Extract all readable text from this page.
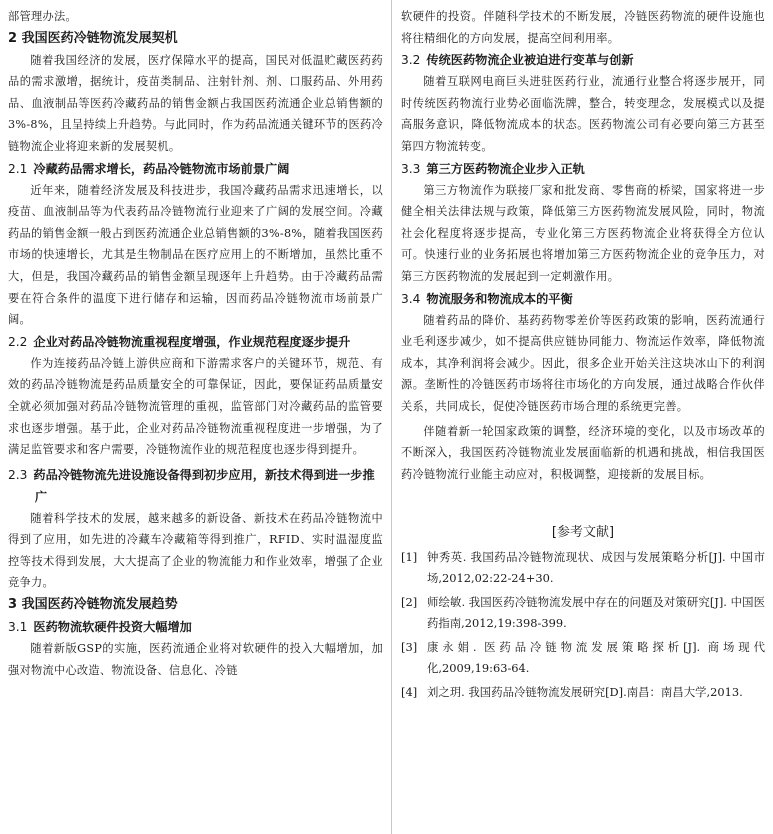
部管理办法。

2 我国医药冷链物流发展契机

随着我国经济的发展，医疗保障水平的提高，国民对低温贮藏医药药品的需求激增，据统计，疫苗类制品、注射针剂、剂、口服药品、外用药品、血液制品等医药冷藏药品的销售金额占我国医药流通企业总销售额的3%-8%，且呈持续上升趋势。与此同时，作为药品流通关键环节的医药冷链物流企业将迎来新的发展契机。

2.1 冷藏药品需求增长，药品冷链物流市场前景广阔

近年来，随着经济发展及科技进步，我国冷藏药品需求迅速增长，以疫苗、血液制品等为代表药品冷链物流行业迎来了广阔的发展空间。冷藏药品的销售金额一般占到医药流通企业总销售额的3%-8%，随着我国医药市场的快速增长，尤其是生物制品在医疗应用上的不断增加，虽然比重不大，但是，我国冷藏药品的销售金额呈现逐年上升趋势。由于冷藏药品需要在符合条件的温度下进行储存和运输，因而药品冷链物流市场前景广阔。

2.2 企业对药品冷链物流重视程度增强，作业规范程度逐步提升

作为连接药品冷链上游供应商和下游需求客户的关键环节，规范、有效的药品冷链物流是药品质量安全的可靠保证，因此，要保证药品质量安全就必须加强对药品冷链物流管理的重视，监管部门对冷藏药品的监管要求也逐步增强。基于此，企业对药品冷链物流重视程度进一步增强，为了满足监管要求和客户需要，冷链物流作业的规范程度也逐步得到提升。

2.3 药品冷链物流先进设施设备得到初步应用，新技术得到进一步推广

随着科学技术的发展，越来越多的新设备、新技术在药品冷链物流中得到了应用，如先进的冷藏车冷藏箱等得到推广，RFID、实时温湿度监控等技术得到发展，大大提高了企业的物流能力和作业效率，增强了企业竞争力。

3 我国医药冷链物流发展趋势
3.1 医药物流软硬件投资大幅增加

随着新版GSP的实施，医药流通企业将对软硬件的投入大幅增加，加强对物流中心改造、物流设备、信息化、冷链

软硬件的投资。伴随科学技术的不断发展，冷链医药物流的硬件设施也将往精细化的方向发展，提高空间利用率。

3.2 传统医药物流企业被迫进行变革与创新

随着互联网电商巨头进驻医药行业，流通行业整合将逐步展开，同时传统医药物流行业势必面临洗牌，整合，转变理念，发展模式以及提高服务意识，降低物流成本的状态。医药物流公司有必要向第三方甚至第四方物流转变。

3.3 第三方医药物流企业步入正轨

第三方物流作为联接厂家和批发商、零售商的桥梁，国家将进一步健全相关法律法规与政策，降低第三方医药物流发展风险，同时，物流社会化程度将逐步提高，专业化第三方医药物流企业将获得全方位认可。快速行业的业务拓展也将增加第三方医药物流企业的竞争压力，对第三方医药物流的发展起到一定刺激作用。

3.4 物流服务和物流成本的平衡

随着药品的降价、基药药物零差价等医药政策的影响，医药流通行业毛利逐步减少，如不提高供应链协同能力、物流运作效率，降低物流成本，其净利润将会减少。因此，很多企业开始关注这块冰山下的利润源。垄断性的冷链医药市场将往市场化的方向发展，通过战略合作伙伴关系，共同成长，促使冷链医药市场合理的系统更完善。

伴随着新一轮国家政策的调整，经济环境的变化，以及市场改革的不断深入，我国医药冷链物流业发展面临新的机遇和挑战，相信我国医药冷链物流行业能主动应对，积极调整，迎接新的发展目标。

[参考文献]
[1] 钟秀英. 我国药品冷链物流现状、成因与发展策略分析[J]. 中国市场,2012,02:22-24+30.
[2] 师绘敏. 我国医药冷链物流发展中存在的问题及对策研究[J]. 中国医药指南,2012,19:398-399.
[3] 康永娟. 医药品冷链物流发展策略探析[J]. 商场现代化,2009,19:63-64.
[4] 刘之玥. 我国药品冷链物流发展研究[D].南昌：南昌大学,2013.
